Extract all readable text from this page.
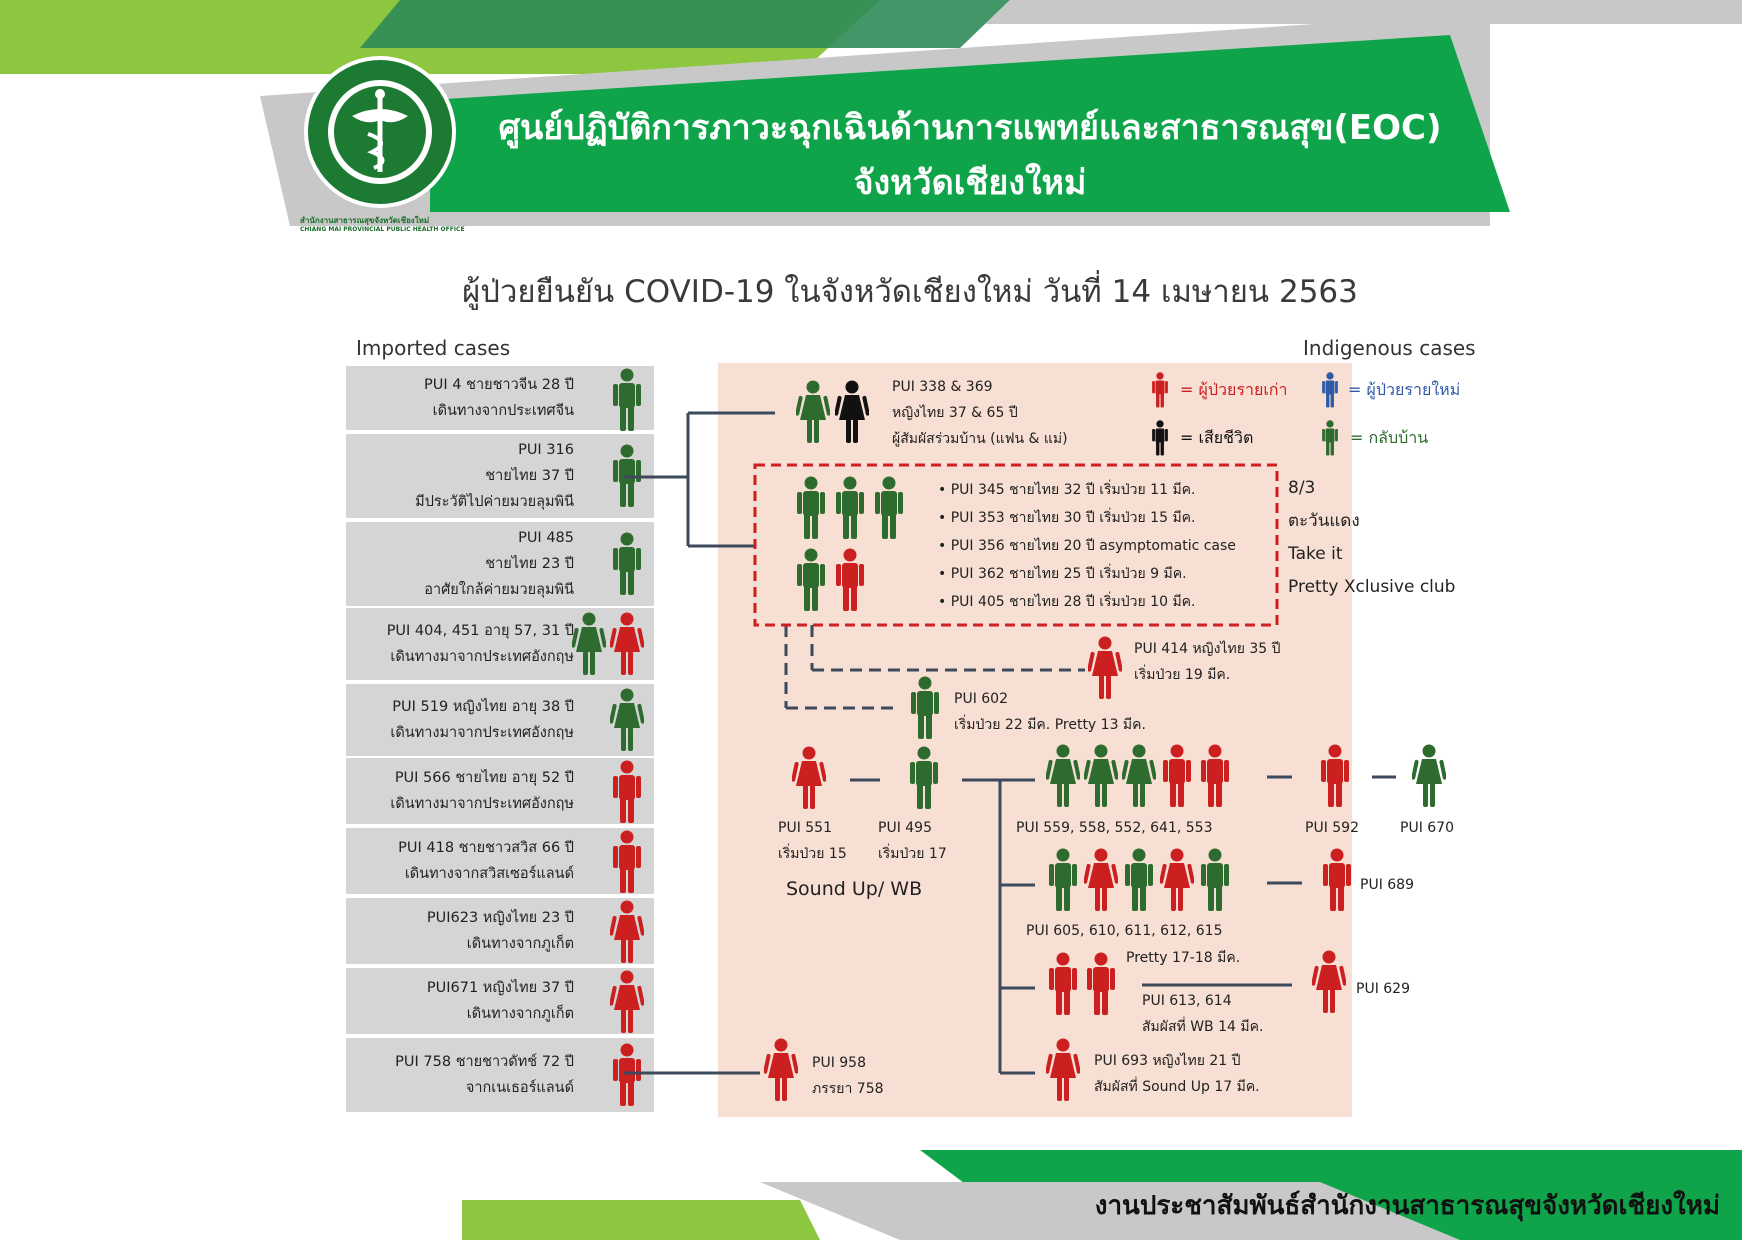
สำนักงานสาธารณสุขจังหวัดเชียงใหม่
CHIANG MAI PROVINCIAL PUBLIC HEALTH OFFICE
ศูนย์ปฏิบัติการภาวะฉุกเฉินด้านการแพทย์และสาธารณสุข(EOC)
จังหวัดเชียงใหม่
ผู้ป่วยยืนยัน COVID-19 ในจังหวัดเชียงใหม่ วันที่ 14 เมษายน 2563
Imported cases	Indigenous cases
PUI 4 ชายชาวจีน 28 ปี
เดินทางจากประเทศจีน
PUI 316
ชายไทย 37 ปี
มีประวัติไปค่ายมวยลุมพินี
PUI 485
ชายไทย 23 ปี
อาศัยใกล้ค่ายมวยลุมพินี
PUI 404, 451 อายุ 57, 31 ปี
เดินทางมาจากประเทศอังกฤษ
PUI 519 หญิงไทย อายุ 38 ปี
เดินทางมาจากประเทศอังกฤษ
PUI 566 ชายไทย อายุ 52 ปี
เดินทางมาจากประเทศอังกฤษ
PUI 418 ชายชาวสวิส 66 ปี
เดินทางจากสวิสเซอร์แลนด์
PUI623 หญิงไทย 23 ปี
เดินทางจากภูเก็ต
PUI671 หญิงไทย 37 ปี
เดินทางจากภูเก็ต
PUI 758 ชายชาวดัทช์ 72 ปี
จากเนเธอร์แลนด์
= ผู้ป่วยรายเก่า	= ผู้ป่วยรายใหม่
= เสียชีวิต	= กลับบ้าน
PUI 338 & 369
หญิงไทย 37 & 65 ปี
ผู้สัมผัสร่วมบ้าน (แฟน & แม่)
• PUI 345 ชายไทย 32 ปี เริ่มป่วย 11 มีค.
• PUI 353 ชายไทย 30 ปี เริ่มป่วย 15 มีค.
• PUI 356 ชายไทย 20 ปี asymptomatic case
• PUI 362 ชายไทย 25 ปี เริ่มป่วย 9 มีค.
• PUI 405 ชายไทย 28 ปี เริ่มป่วย 10 มีค.
8/3
ตะวันแดง
Take it
Pretty Xclusive club
PUI 414 หญิงไทย 35 ปี
เริ่มป่วย 19 มีค.
PUI 602
เริ่มป่วย 22 มีค. Pretty 13 มีค.
PUI 551
เริ่มป่วย 15
PUI 495
เริ่มป่วย 17
Sound Up/ WB
PUI 559, 558, 552, 641, 553	PUI 592	PUI 670
PUI 605, 610, 611, 612, 615
PUI 689
Pretty 17-18 มีค.
PUI 613, 614
สัมผัสที่ WB 14 มีค.
PUI 629
PUI 693 หญิงไทย 21 ปี
สัมผัสที่ Sound Up 17 มีค.
PUI 958
ภรรยา 758
งานประชาสัมพันธ์สำนักงานสาธารณสุขจังหวัดเชียงใหม่
